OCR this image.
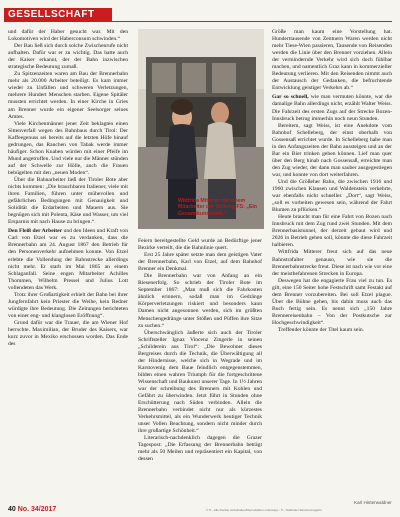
GESELLSCHAFT

und dafür der Haber gesucht war. Mit den Lokomotiven wird der Haberconsum schwinden.“

Der Bau ließ sich durch solche Zwischenrufe nicht aufhalten. Dafür war er zu wichtig. Das hatte auch der Kaiser erkannt, der der Bahn inzwischen strategische Bedeutung zumaß.

Zu Spitzenzeiten waren am Bau der Brennerbahn mehr als 20.000 Arbeiter beteiligt. Es kam immer wieder zu Unfällen und schweren Verletzungen, mehrere Hundert Menschen starben. Eigene Spitäler mussten errichtet werden. In einer Kirche in Gries am Brenner wurde ein eigener Seelsorger seines Amtes.

Viele Kirchenmänner jener Zeit beklagten einen Sittenverfall wegen des Bahnbaus durch Tirol: Der Kaffeegenuss sei bereits auf die letzten Höfe hinauf gedrungen, das Rauchen von Tabak werde immer häufiger. Schon Knaben würden mit einer Pfeife im Mund angetroffen. Und viele nur die Männer stünden auf der Schwelle zur Hölle, auch die Frauen bebügelten mit den „neuen Moden“.

Über die Bahnarbeiter ließ der Tiroler Bote aber nichts kommen: „Die brauchbaren Italiener, viele mit ihren Familien, führen unter mühevollen und gefährlichen Bedingungen mit Genauigkeit und Solidität die Erdarbeiten und Mauern aus. Sie begnügen sich mit Polenta, Käse und Wasser, um viel Ersparnis mit nach Hause zu bringen.“

Den Fleiß der Arbeiter und den Ideen und Kraft von Carl von Etzel war es zu verdanken, dass die Brennerbahn am 24. August 1867 den Betrieb für den Personenverkehr aufnehmen konnte. Von Etzel erlebte die Vollendung der Bahnstrecke allerdings nicht mehr. Er starb im Mai 1865 an einem Schlaganfall. Seine engen Mitarbeiter Achilles Thommen, Wilhelm Pressel und Julius Lott vollendeten das Werk.

Trotz ihrer Großartigkeit erhielt der Bahn bei ihrer Jungfernfahrt kein Priester die Weihe, kein Redner würdigte ihre Bedeutung. Die Zeitungen berichteten von einer eng- und klanglosen Eröffnung“.

Grund dafür war die Trauer, die am Wiener Hof herrschte. Maximilian, der Bruder des Kaisers, war kurz zuvor in Mexiko erschossen worden. Das Ende des

Wittfrida Mitterer mit einem Mitarbeiter der Stiftung FS: „Ein Gesamtkunstwerk.“

Feiern bereitgestellte Geld wurde an Bedürftige jener Bezirke verteilt, die die Bahnlinie quert.

Erst 25 Jahre später setzte man dem geistigen Vater der Brennerbahn, Karl von Etzel, auf dem Bahnhof Brenner ein Denkmal.

Die Brennerbahn war von Anfang an ein Riesenerfolg. So schrieb der Tiroler Bote im September 1867: „Man muß sich die Fahrkosten ähnlich erinnern, sodaß man im Gedränge Körperverletzungen riskiert und besonders kann Damen nicht angesonnen werden, sich im größten Menschengedränge unter Stößen und Püffen ihre Sitze zu suchen.“

Überschwänglich äußerte sich auch der Tiroler Schriftsteller Ignaz Vincenz Zingerle in seinen „Schilderein aus Tirol“: „Die Bewohner dieses Bergreises durch die Technik, die Überwältigung all der Hindernisse, welche sich in Wegrade und im Karstovenig dem Baue feindlich entgegenstemmen, bilden einen wahren Triumph für die fortgeschrittene Wissenschaft und Baukunst unserer Tage. In 1½ Jahren war der schreibung des Brenners mit Kohlen und Gefährt zu überwinden. Jetzt führt in Stunden ohne Erschütterung nach Süden verbinden. Allein die Brennerbahn verbindet nicht nur als kürzestes Verkehrsmittel, als ein Wunderwerk heutiger Technik unser Vollen Beachtung, sondern nicht minder durch ihre großartige Schönheit.“

Literarisch-nachdenklich dagegen die Grazer Tagespost: „Die Erfassung der Brennerbahn beträgt mehr als 50 Meilen und repräsentiert ein Kapital, von dessen

Größe man kaum eine Vorstellung hat. Hunderttausende von Zentnern Waren werden nicht mehr Tiese-Wien passieren, Tausende von Reisenden werden die Linie über den Brenner vorziehen. Allein der vermindernde Verkehr wird sich doch fühlbar machen, und namentlich Graz kann in kommerzieller Bedeutung verlieren. Mit den Reisenden nimmt auch der Austausch der Gedanken, die befruchtende Entwicklung geistiger Verkehrs ab.“

Gar so schnell, wie man vermuten könnte, war die damalige Bahn allerdings nicht, erzählt Walter Weiss. Die Fahrzeit des ersten Zugs auf der Strecke Bozen-Innsbruck betrug immerhin noch neun Stunden.

Bereitem, sagt Weiss, ist eine Anekdote vom Bahnhof Schelleberg, der einst oberhalb von Gossensaß errichtet wurde. In Schelleberg habe man in den Anfangszeiten der Bahn aussteigen und an der Bar ein Bier trinken gehen können. Lief man quer über den Berg hinab nach Gossensaß, erreichte man den Zug wieder, der dann man sauber ausgegestiegen war, und konnte von dort weiterfahren.

Und die Größeher Bahn, die zwischen 1916 und 1960 zwischen Klausen und Waldenstein verkehrte, war ebenfalls nicht schneller. „Dort“, sagt Weiss, „soll es vorbeiten gewesen sein, während der Fahrt Blumen zu pflücken.“

Heute braucht man für eine Fahrt von Bozen nach Innsbruck mit dem Zug rund zwei Stunden. Mit dem Brennerbasistunnel, der derzeit gebaut wird und 2026 in Betrieb gehen soll, könnte die diese Fahrzeit halbieren.

Wittfrida Mitterer freut sich auf das neue Bahnstrafalter genauso, wie sie die Brennerbahnstrecke freut. Diese ist nach wie vor eine der meistbefahrenen Strecken in Europa.

Deswegen hat die engagierte Frau viel zu tun. Es gilt, eine 150 Seiter hohe Festschrift samt Festakt auf dem Brenner vorzubereiten. Bei soll Etzel plague. Über die Bühne gehen, bis dahin muss auch das Buch fertig sein. Es nennt sich „150 Jahre Brennereisenbahn – Von der Postkutsche zur Hochgeschwindigkeit“.

Treffender könnte der Titel kaum sein.

Karl Hinterwaldner
40 No. 34/2017	© ff – Alle Rechte vorbehalten/Reproduktion untersagt – ff – Südtiroler Wochenmagazin
